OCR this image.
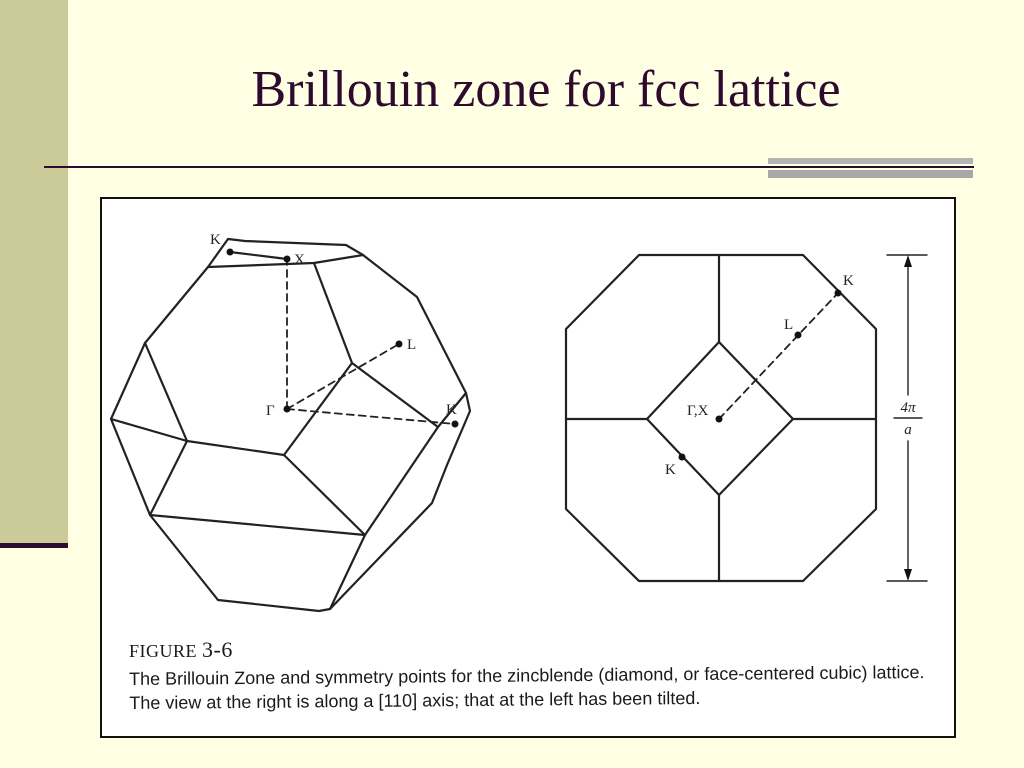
Brillouin zone for fcc lattice
K
X
L
Γ	K
K
L
Γ,X
K
4π
a

FIGURE 3-6

The Brillouin Zone and symmetry points for the zincblende (diamond, or face-centered cubic) lattice. The view at the right is along a [110] axis; that at the left has been tilted.
